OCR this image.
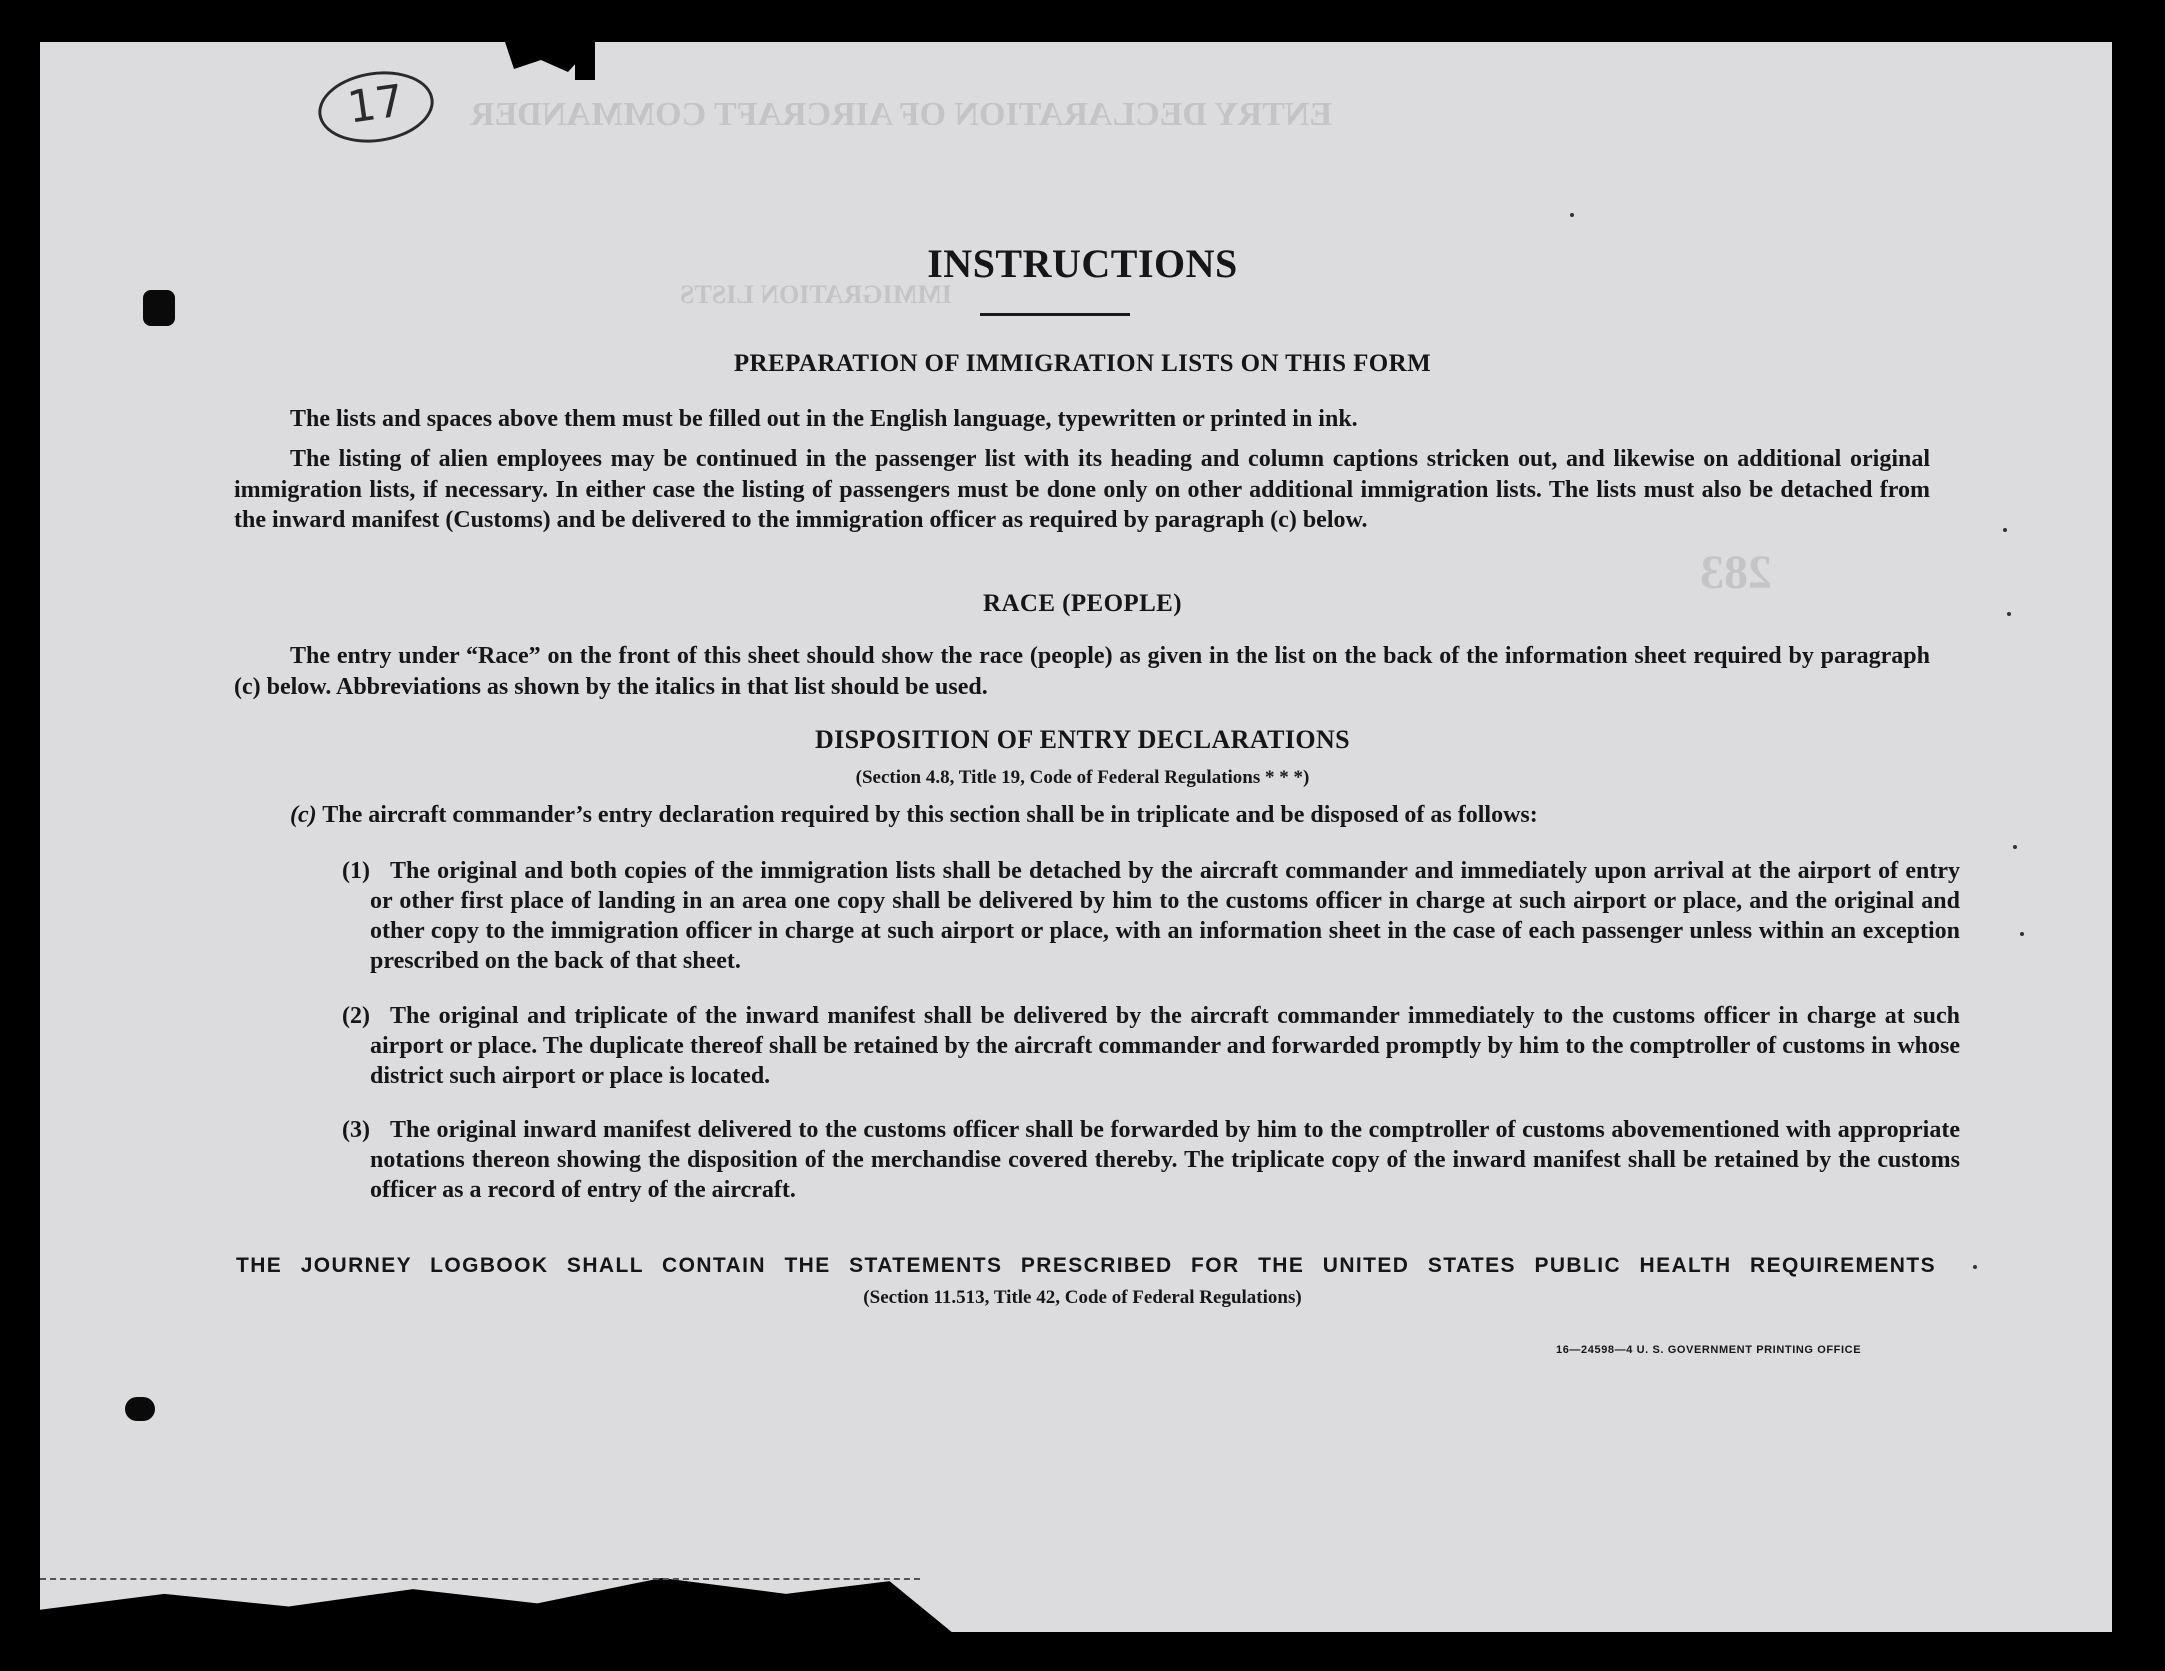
ENTRY DECLARATION OF AIRCRAFT COMMANDER
IMMIGRATION LISTS
283
17
INSTRUCTIONS
PREPARATION OF IMMIGRATION LISTS ON THIS FORM
The lists and spaces above them must be filled out in the English language, typewritten or printed in ink.
The listing of alien employees may be continued in the passenger list with its heading and column captions stricken out, and likewise on additional original immigration lists, if necessary. In either case the listing of passengers must be done only on other additional immigration lists. The lists must also be detached from the inward manifest (Customs) and be delivered to the immigration officer as required by paragraph (c) below.
RACE (PEOPLE)
The entry under “Race” on the front of this sheet should show the race (people) as given in the list on the back of the information sheet required by paragraph (c) below. Abbreviations as shown by the italics in that list should be used.
DISPOSITION OF ENTRY DECLARATIONS
(Section 4.8, Title 19, Code of Federal Regulations * * *)
(c) The aircraft commander’s entry declaration required by this section shall be in triplicate and be disposed of as follows:
(1) The original and both copies of the immigration lists shall be detached by the aircraft commander and immediately upon arrival at the airport of entry or other first place of landing in an area one copy shall be delivered by him to the customs officer in charge at such airport or place, and the original and other copy to the immigration officer in charge at such airport or place, with an information sheet in the case of each passenger unless within an exception prescribed on the back of that sheet.
(2) The original and triplicate of the inward manifest shall be delivered by the aircraft commander immediately to the customs officer in charge at such airport or place. The duplicate thereof shall be retained by the aircraft commander and forwarded promptly by him to the comptroller of customs in whose district such airport or place is located.
(3) The original inward manifest delivered to the customs officer shall be forwarded by him to the comptroller of customs abovementioned with appropriate notations thereon showing the disposition of the merchandise covered thereby. The triplicate copy of the inward manifest shall be retained by the customs officer as a record of entry of the aircraft.
THE JOURNEY LOGBOOK SHALL CONTAIN THE STATEMENTS PRESCRIBED FOR THE UNITED STATES PUBLIC HEALTH REQUIREMENTS
(Section 11.513, Title 42, Code of Federal Regulations)
16—24598—4 U. S. GOVERNMENT PRINTING OFFICE
